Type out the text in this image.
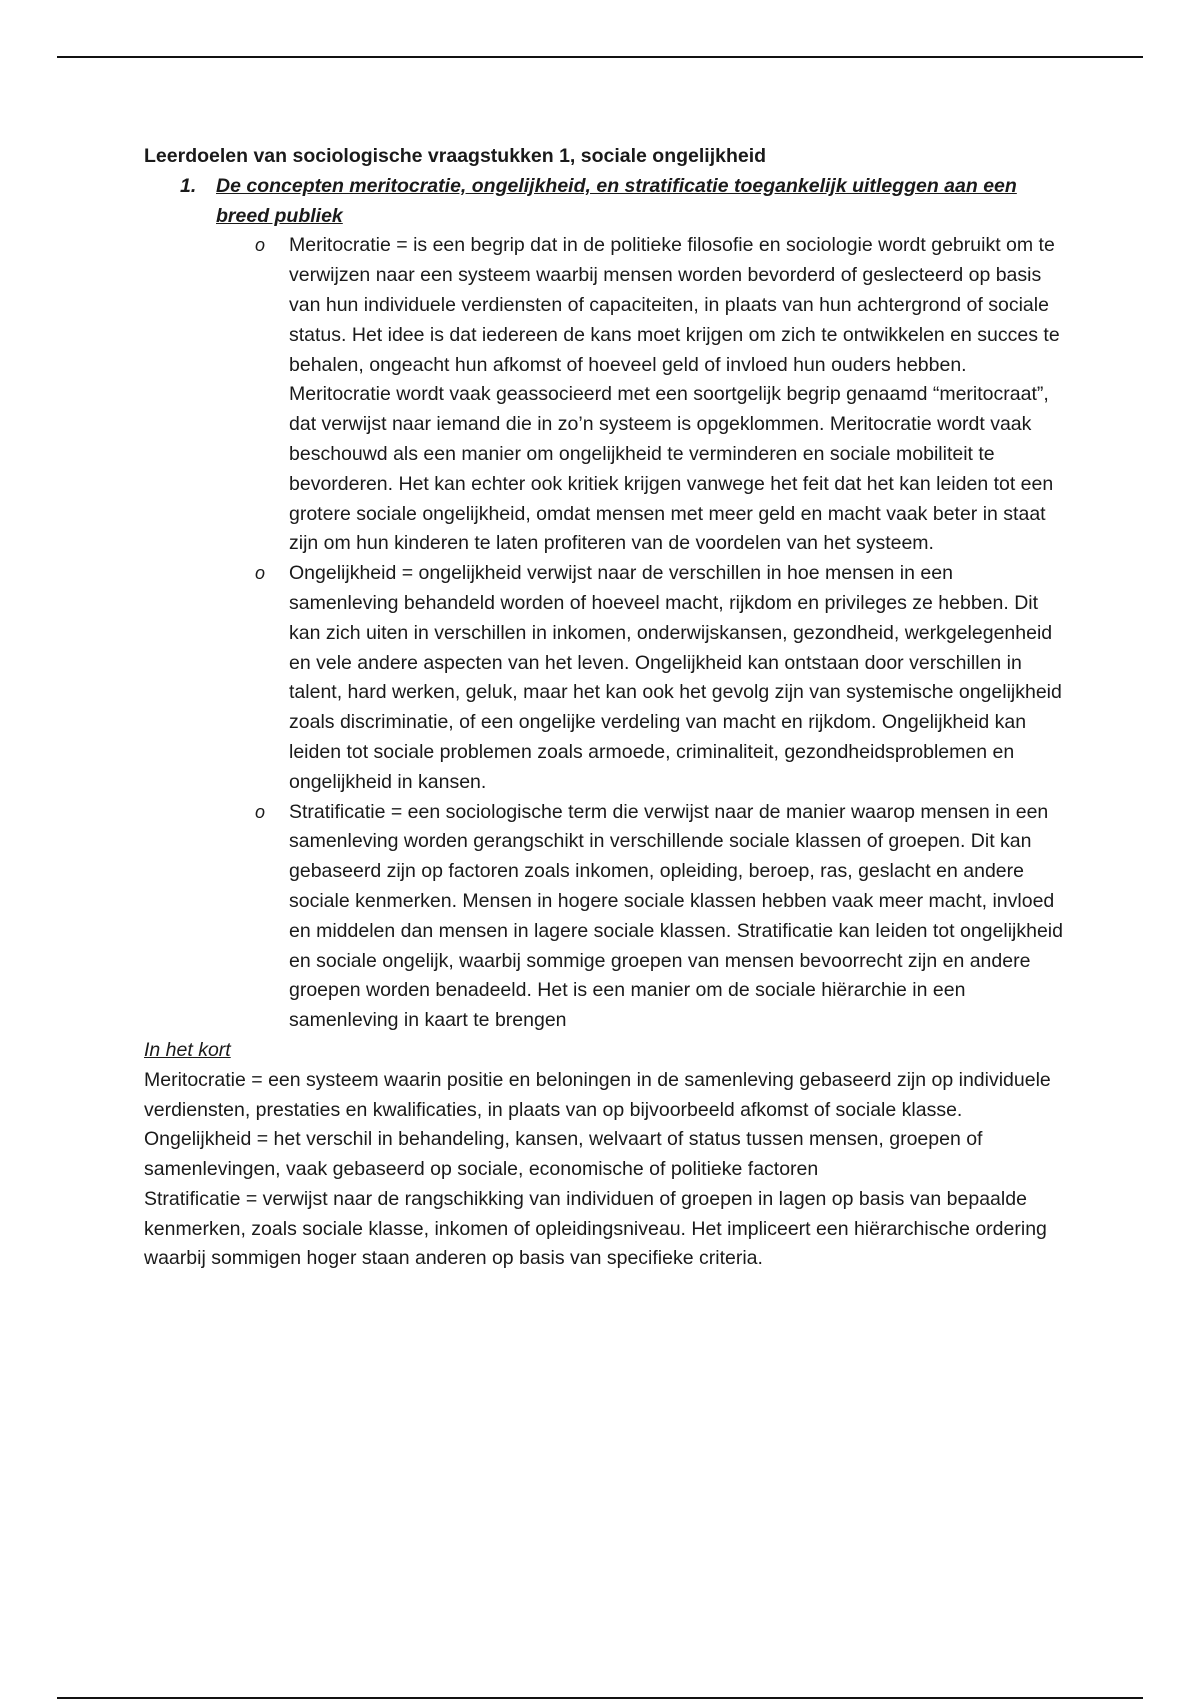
Leerdoelen van sociologische vraagstukken 1, sociale ongelijkheid

1. De concepten meritocratie, ongelijkheid, en stratificatie toegankelijk uitleggen aan een breed publiek
o Meritocratie = is een begrip dat in de politieke filosofie en sociologie wordt gebruikt om te verwijzen naar een systeem waarbij mensen worden bevorderd of geslecteerd op basis van hun individuele verdiensten of capaciteiten, in plaats van hun achtergrond of sociale status. Het idee is dat iedereen de kans moet krijgen om zich te ontwikkelen en succes te behalen, ongeacht hun afkomst of hoeveel geld of invloed hun ouders hebben. Meritocratie wordt vaak geassocieerd met een soortgelijk begrip genaamd “meritocraat”, dat verwijst naar iemand die in zo’n systeem is opgeklommen. Meritocratie wordt vaak beschouwd als een manier om ongelijkheid te verminderen en sociale mobiliteit te bevorderen. Het kan echter ook kritiek krijgen vanwege het feit dat het kan leiden tot een grotere sociale ongelijkheid, omdat mensen met meer geld en macht vaak beter in staat zijn om hun kinderen te laten profiteren van de voordelen van het systeem.
o Ongelijkheid = ongelijkheid verwijst naar de verschillen in hoe mensen in een samenleving behandeld worden of hoeveel macht, rijkdom en privileges ze hebben. Dit kan zich uiten in verschillen in inkomen, onderwijskansen, gezondheid, werkgelegenheid en vele andere aspecten van het leven. Ongelijkheid kan ontstaan door verschillen in talent, hard werken, geluk, maar het kan ook het gevolg zijn van systemische ongelijkheid zoals discriminatie, of een ongelijke verdeling van macht en rijkdom. Ongelijkheid kan leiden tot sociale problemen zoals armoede, criminaliteit, gezondheidsproblemen en ongelijkheid in kansen.
o Stratificatie = een sociologische term die verwijst naar de manier waarop mensen in een samenleving worden gerangschikt in verschillende sociale klassen of groepen. Dit kan gebaseerd zijn op factoren zoals inkomen, opleiding, beroep, ras, geslacht en andere sociale kenmerken. Mensen in hogere sociale klassen hebben vaak meer macht, invloed en middelen dan mensen in lagere sociale klassen. Stratificatie kan leiden tot ongelijkheid en sociale ongelijk, waarbij sommige groepen van mensen bevoorrecht zijn en andere groepen worden benadeeld. Het is een manier om de sociale hiërarchie in een samenleving in kaart te brengen

In het kort

Meritocratie = een systeem waarin positie en beloningen in de samenleving gebaseerd zijn op individuele verdiensten, prestaties en kwalificaties, in plaats van op bijvoorbeeld afkomst of sociale klasse.

Ongelijkheid = het verschil in behandeling, kansen, welvaart of status tussen mensen, groepen of samenlevingen, vaak gebaseerd op sociale, economische of politieke factoren

Stratificatie = verwijst naar de rangschikking van individuen of groepen in lagen op basis van bepaalde kenmerken, zoals sociale klasse, inkomen of opleidingsniveau. Het impliceert een hiërarchische ordering waarbij sommigen hoger staan anderen op basis van specifieke criteria.
